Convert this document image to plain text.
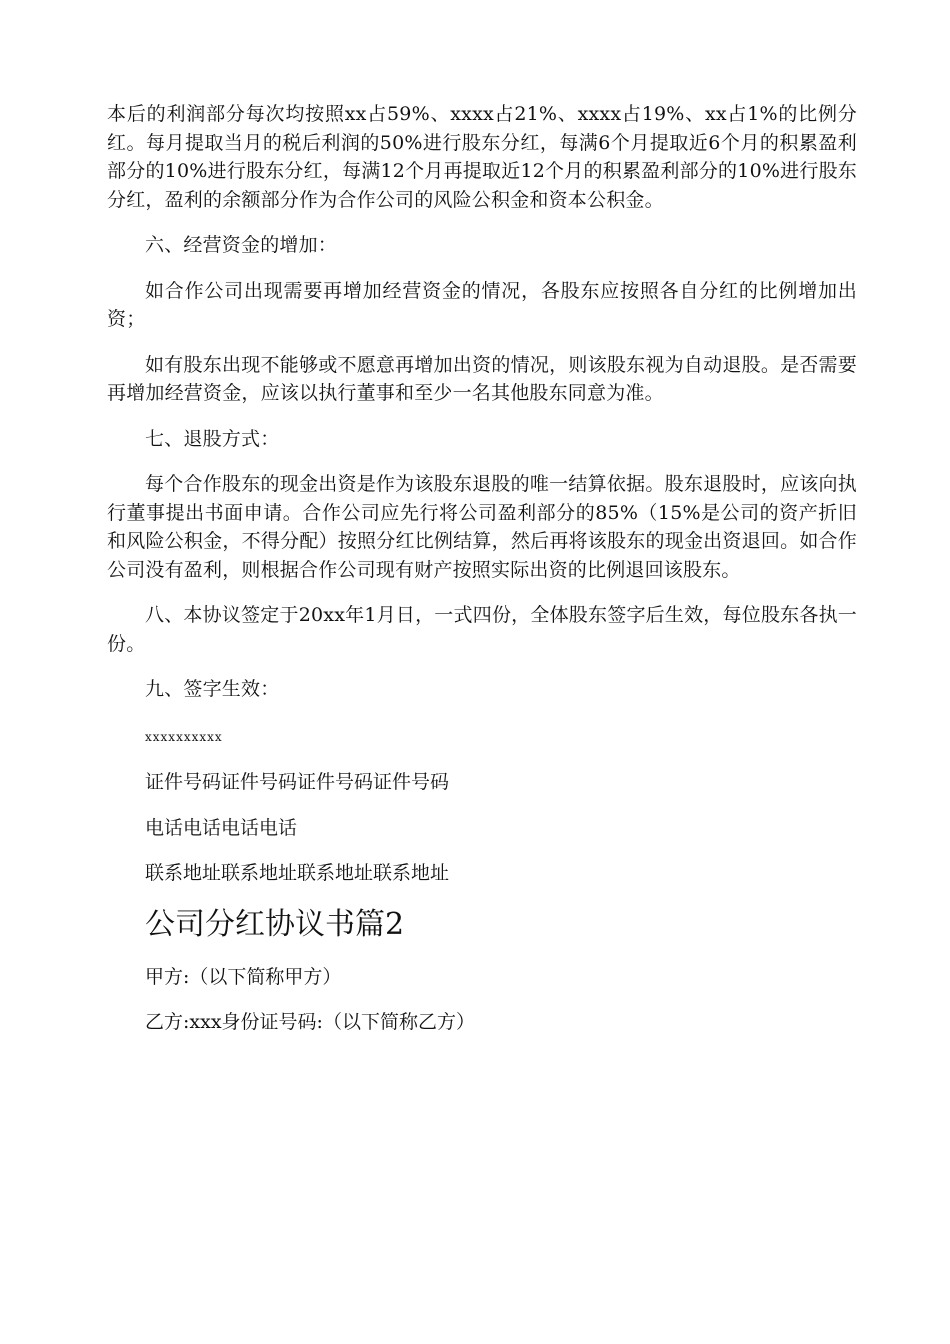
本后的利润部分每次均按照xx占59%、xxxx占21%、xxxx占19%、xx占1%的比例分红。每月提取当月的税后利润的50%进行股东分红，每满6个月提取近6个月的积累盈利部分的10%进行股东分红，每满12个月再提取近12个月的积累盈利部分的10%进行股东分红，盈利的余额部分作为合作公司的风险公积金和资本公积金。

六、经营资金的增加：

如合作公司出现需要再增加经营资金的情况，各股东应按照各自分红的比例增加出资；

如有股东出现不能够或不愿意再增加出资的情况，则该股东视为自动退股。是否需要再增加经营资金，应该以执行董事和至少一名其他股东同意为准。

七、退股方式：

每个合作股东的现金出资是作为该股东退股的唯一结算依据。股东退股时，应该向执行董事提出书面申请。合作公司应先行将公司盈利部分的85%（15%是公司的资产折旧和风险公积金，不得分配）按照分红比例结算，然后再将该股东的现金出资退回。如合作公司没有盈利，则根据合作公司现有财产按照实际出资的比例退回该股东。

八、本协议签定于20xx年1月日，一式四份，全体股东签字后生效，每位股东各执一份。

九、签字生效：

xxxxxxxxxx
证件号码证件号码证件号码证件号码
电话电话电话电话
联系地址联系地址联系地址联系地址
公司分红协议书篇2
甲方:（以下简称甲方）
乙方:xxx身份证号码:（以下简称乙方）
